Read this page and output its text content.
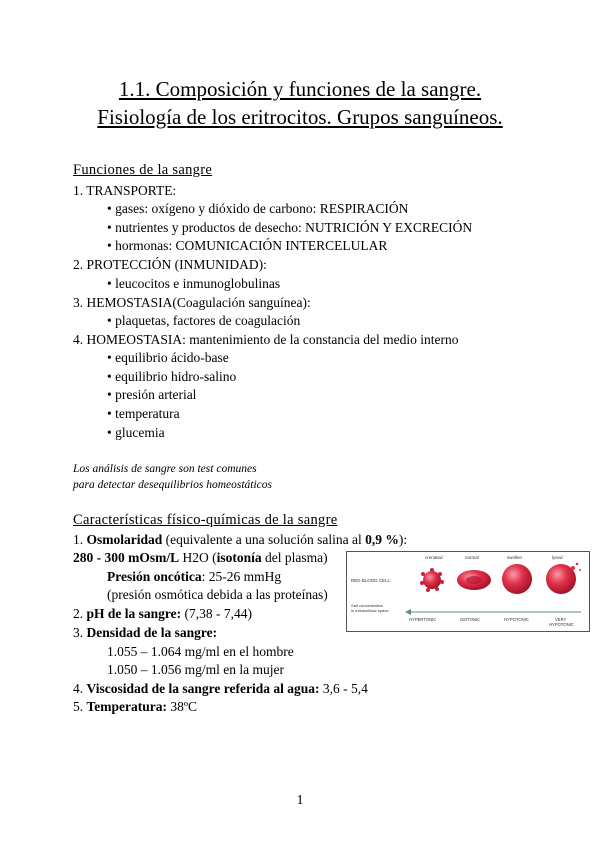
1.1. Composición y funciones de la sangre.
Fisiología de los eritrocitos. Grupos sanguíneos.
Funciones de la sangre
1. TRANSPORTE:
• gases: oxígeno y dióxido de carbono: RESPIRACIÓN
• nutrientes y productos de desecho: NUTRICIÓN Y EXCRECIÓN
• hormonas: COMUNICACIÓN INTERCELULAR
2. PROTECCIÓN (INMUNIDAD):
• leucocitos e inmunoglobulinas
3. HEMOSTASIA(Coagulación sanguínea):
• plaquetas, factores de coagulación
4. HOMEOSTASIA: mantenimiento de la constancia del medio interno
• equilibrio ácido-base
• equilibrio hidro-salino
• presión arterial
• temperatura
• glucemia
Los análisis de sangre son test comunes
para detectar desequilibrios homeostáticos
Características físico-químicas de la sangre
1. Osmolaridad (equivalente a una solución salina al 0,9 %):
280 - 300 mOsm/L H2O (isotonía del plasma)
Presión oncótica: 25-26 mmHg
(presión osmótica debida a las proteínas)
2. pH de la sangre: (7,38 - 7,44)
3. Densidad de la sangre:
1.055 – 1.064 mg/ml en el hombre
1.050 – 1.056 mg/ml en la mujer
4. Viscosidad de la sangre referida al agua: 3,6 - 5,4
5. Temperatura: 38ºC
crenated	normal	swollen	lysed
RED BLOOD CELL:
Salt concentration
in extracellular space
HYPERTONIC	ISOTONIC	HYPOTONIC	VERY
HYPOTONIC
1
